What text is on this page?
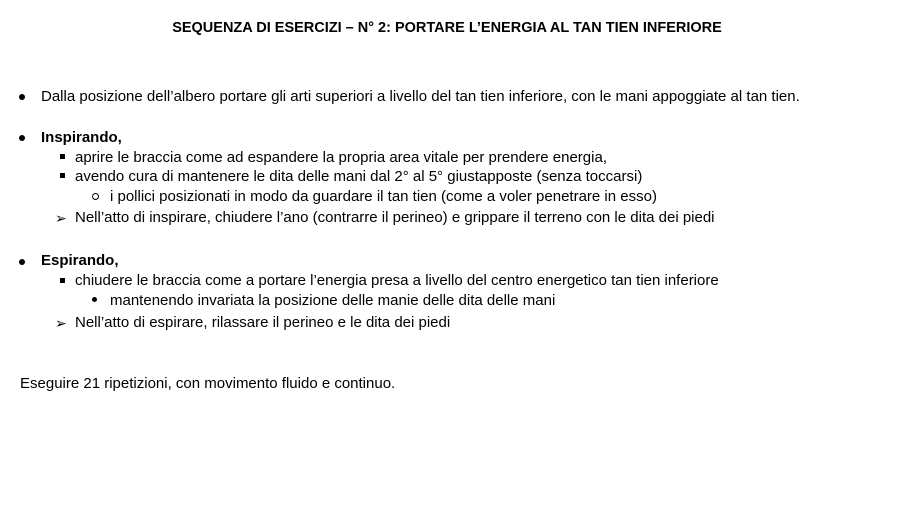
SEQUENZA DI ESERCIZI – N° 2: PORTARE L’ENERGIA AL TAN TIEN INFERIORE
Dalla posizione dell’albero portare gli arti superiori a livello del tan tien inferiore, con le mani appoggiate al tan tien.
Inspirando,
aprire le braccia come ad espandere la propria area vitale per prendere energia,
avendo cura di mantenere le dita delle mani dal 2° al 5° giustapposte (senza toccarsi)
i pollici posizionati in modo da guardare il tan tien (come a voler penetrare in esso)
➢ Nell’atto di inspirare, chiudere l’ano (contrarre il perineo) e grippare il terreno con le dita dei piedi
Espirando,
chiudere le braccia come a portare l’energia presa a livello del centro energetico tan tien inferiore
mantenendo invariata la posizione delle manie delle dita delle mani
➢ Nell’atto di espirare, rilassare il perineo e le dita dei piedi
Eseguire 21 ripetizioni, con movimento fluido e continuo.
